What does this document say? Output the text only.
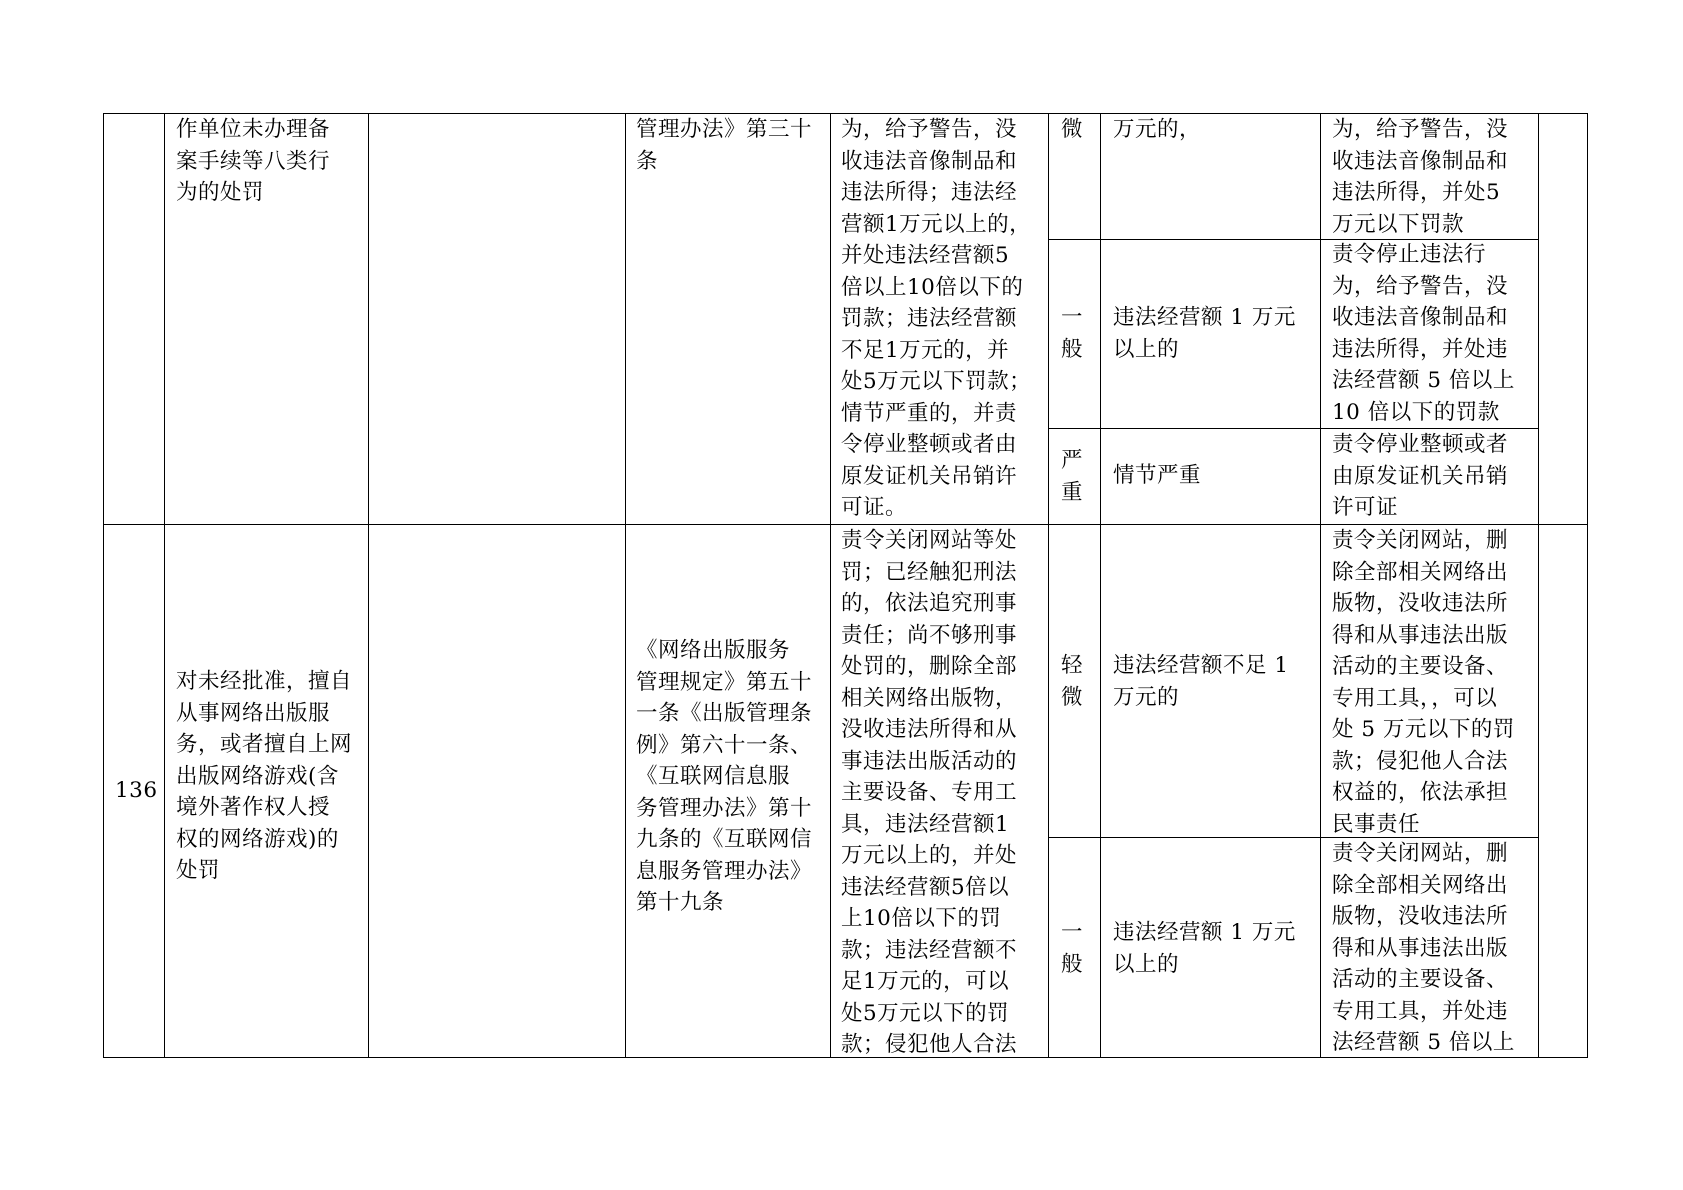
作单位未办理备
案手续等八类行
为的处罚
管理办法》第三十
条
为，给予警告，没
收违法音像制品和
违法所得；违法经
营额1万元以上的，
并处违法经营额5
倍以上10倍以下的
罚款；违法经营额
不足1万元的，并
处5万元以下罚款；
情节严重的，并责
令停业整顿或者由
原发证机关吊销许
可证。
微 万元的，	为，给予警告，没
收违法音像制品和
违法所得，并处5
万元以下罚款
一
般
违法经营额 1 万元
以上的
责令停止违法行
为，给予警告，没
收违法音像制品和
违法所得，并处违
法经营额 5 倍以上
10 倍以下的罚款
严
重
情节严重
责令停业整顿或者
由原发证机关吊销
许可证
136
对未经批准，擅自
从事网络出版服
务，或者擅自上网
出版网络游戏(含
境外著作权人授
权的网络游戏)的
处罚
《网络出版服务
管理规定》第五十
一条《出版管理条
例》第六十一条、
《互联网信息服
务管理办法》第十
九条的《互联网信
息服务管理办法》
第十九条
责令关闭网站等处
罚；已经触犯刑法
的，依法追究刑事
责任；尚不够刑事
处罚的，删除全部
相关网络出版物，
没收违法所得和从
事违法出版活动的
主要设备、专用工
具，违法经营额1
万元以上的，并处
违法经营额5倍以
上10倍以下的罚
款；违法经营额不
足1万元的，可以
处5万元以下的罚
款；侵犯他人合法
轻
微
违法经营额不足 1
万元的
责令关闭网站，删
除全部相关网络出
版物，没收违法所
得和从事违法出版
活动的主要设备、
专用工具，，可以
处 5 万元以下的罚
款；侵犯他人合法
权益的，依法承担
民事责任
一
般
违法经营额 1 万元
以上的
责令关闭网站，删
除全部相关网络出
版物，没收违法所
得和从事违法出版
活动的主要设备、
专用工具，并处违
法经营额 5 倍以上
